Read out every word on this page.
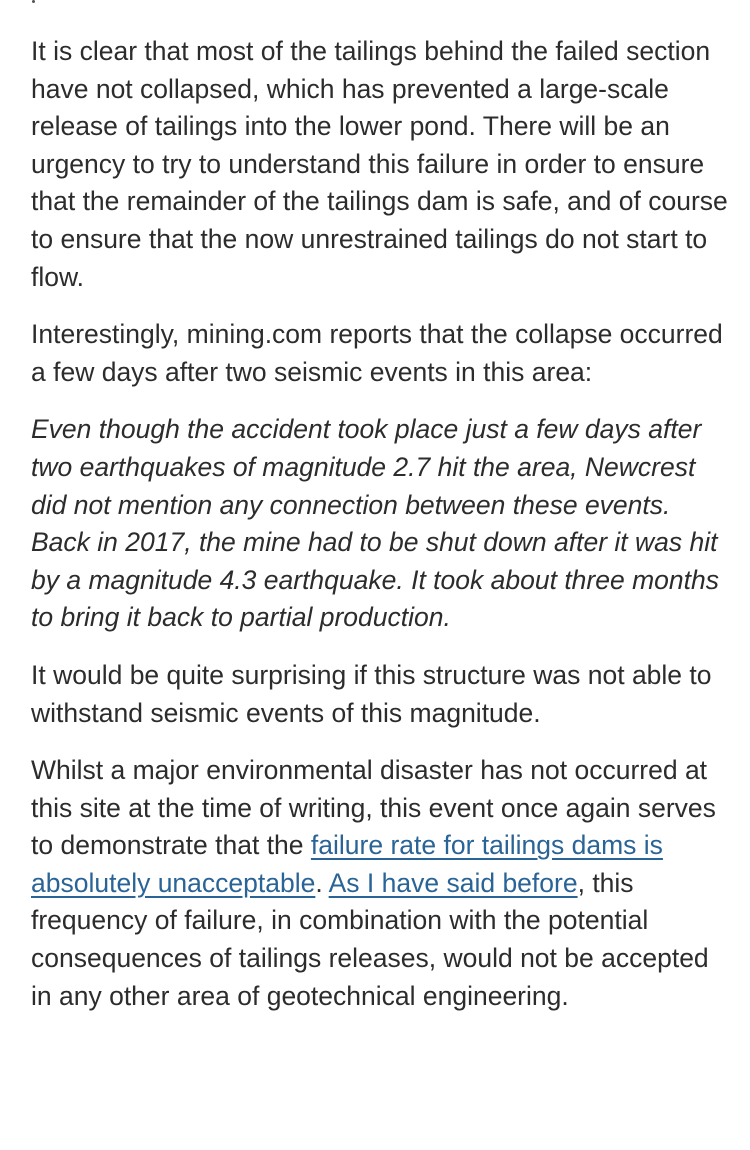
It is clear that most of the tailings behind the failed section have not collapsed, which has prevented a large-scale release of tailings into the lower pond. There will be an urgency to try to understand this failure in order to ensure that the remainder of the tailings dam is safe, and of course to ensure that the now unrestrained tailings do not start to flow.

Interestingly, mining.com reports that the collapse occurred a few days after two seismic events in this area:

Even though the accident took place just a few days after two earthquakes of magnitude 2.7 hit the area, Newcrest did not mention any connection between these events. Back in 2017, the mine had to be shut down after it was hit by a magnitude 4.3 earthquake. It took about three months to bring it back to partial production.

It would be quite surprising if this structure was not able to withstand seismic events of this magnitude.

Whilst a major environmental disaster has not occurred at this site at the time of writing, this event once again serves to demonstrate that the failure rate for tailings dams is absolutely unacceptable. As I have said before, this frequency of failure, in combination with the potential consequences of tailings releases, would not be accepted in any other area of geotechnical engineering.
